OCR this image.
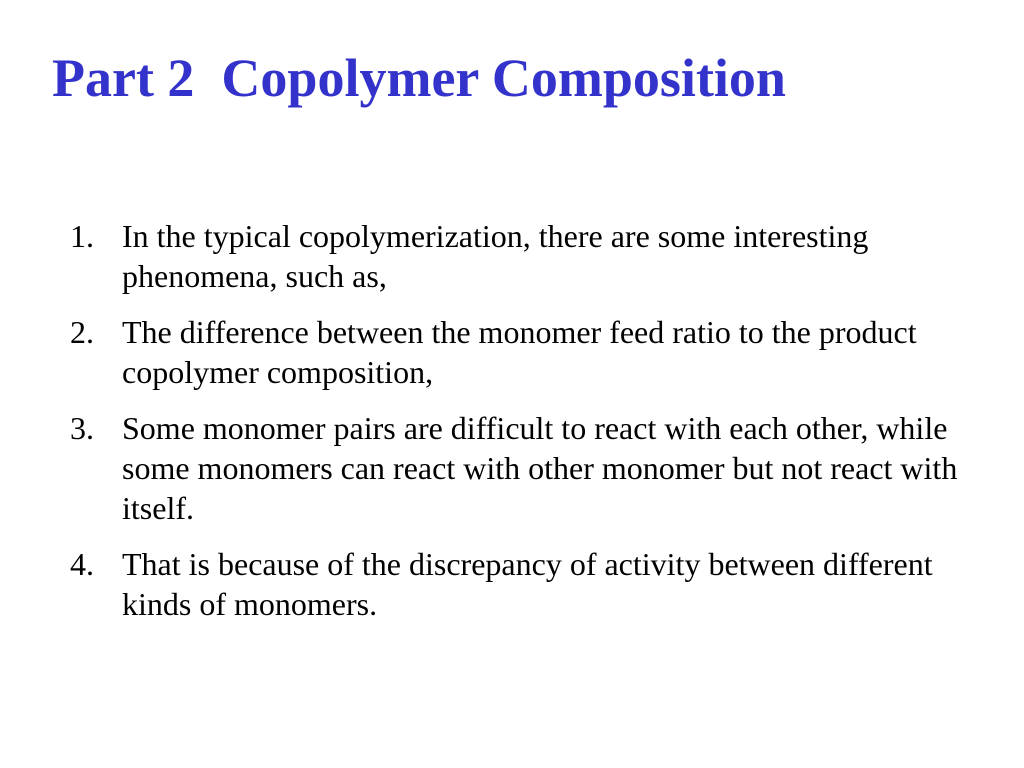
Part 2  Copolymer Composition
1. In the typical copolymerization, there are some interesting phenomena, such as,
2. The difference between the monomer feed ratio to the product copolymer composition,
3. Some monomer pairs are difficult to react with each other, while some monomers can react with other monomer but not react with itself.
4. That is because of the discrepancy of activity between different kinds of monomers.
